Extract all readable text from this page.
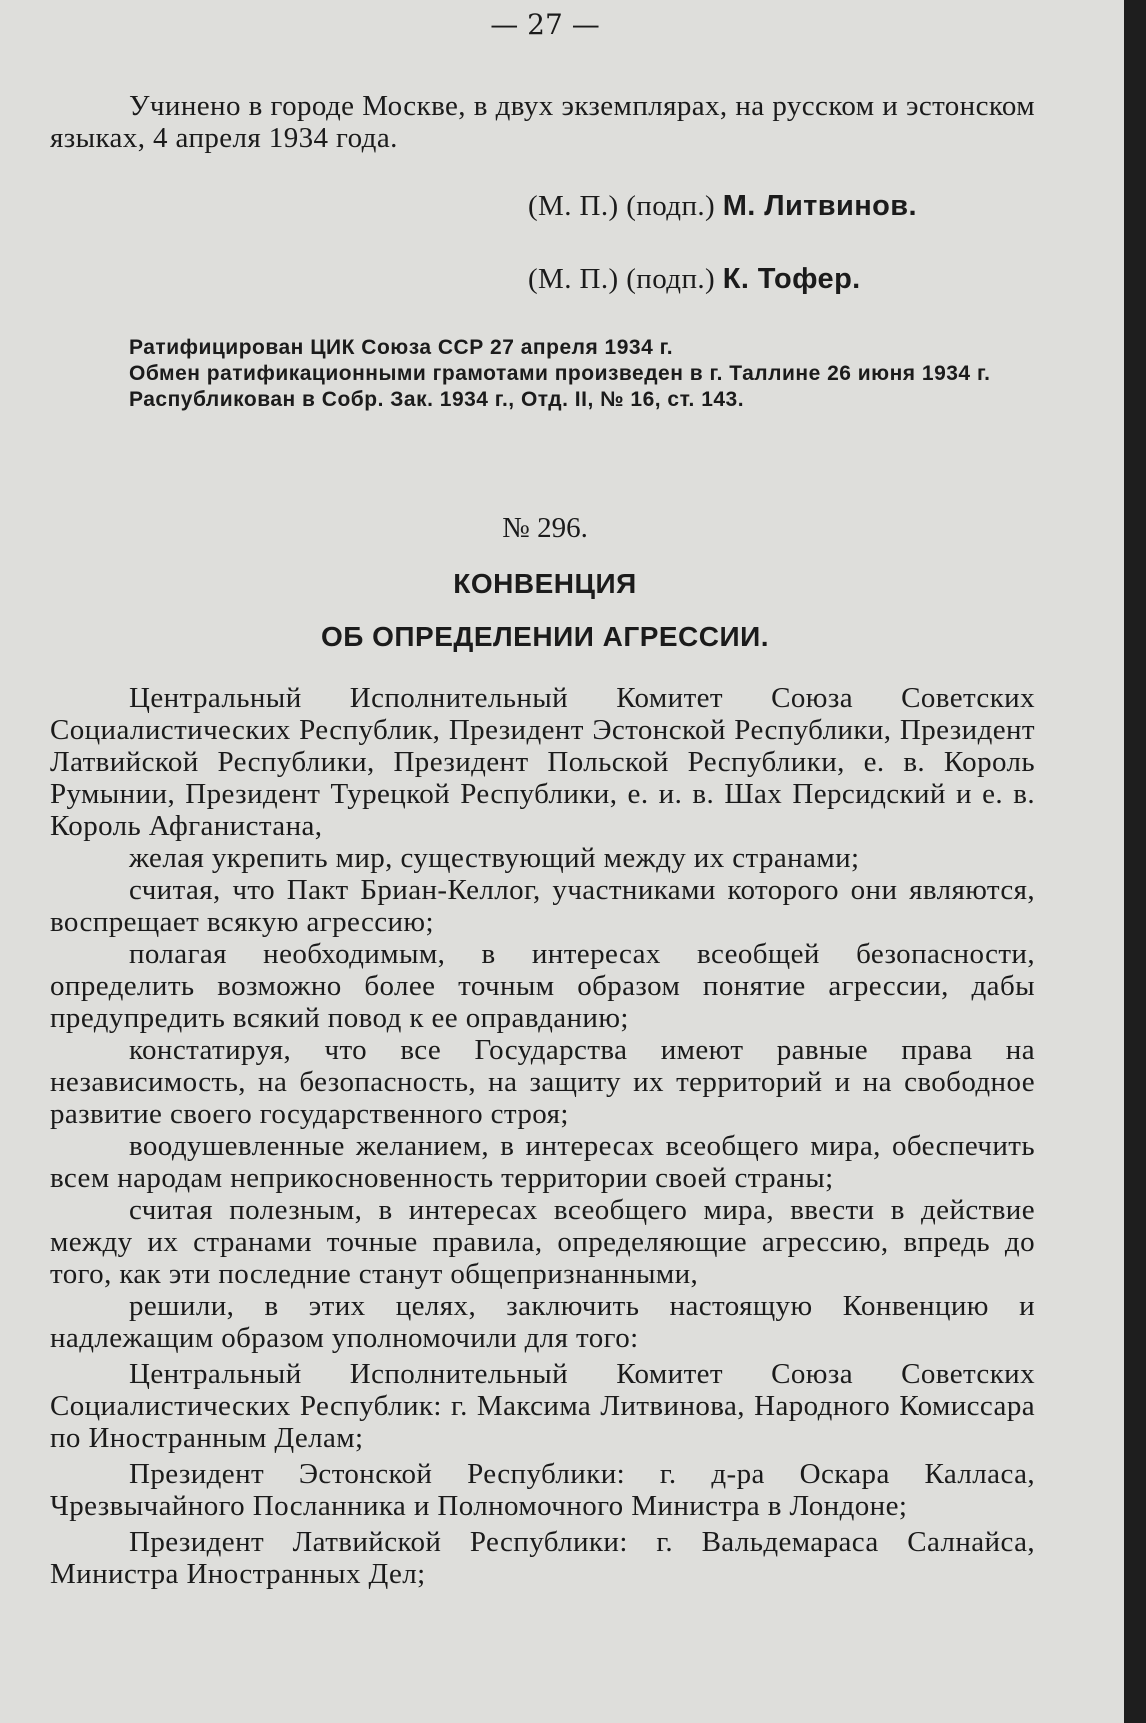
— 27 —

Учинено в городе Москве, в двух экземплярах, на русском и эстонском языках, 4 апреля 1934 года.

(М. П.) (подп.) М. Литвинов.
(М. П.) (подп.) К. Тофер.

Ратифицирован ЦИК Союза ССР 27 апреля 1934 г.

Обмен ратификационными грамотами произведен в г. Таллине 26 июня 1934 г.

Распубликован в Собр. Зак. 1934 г., Отд. II, № 16, ст. 143.

№ 296.
КОНВЕНЦИЯ
ОБ ОПРЕДЕЛЕНИИ АГРЕССИИ.

Центральный Исполнительный Комитет Союза Советских Социалистических Республик, Президент Эстонской Республики, Президент Латвийской Республики, Президент Польской Республики, е. в. Король Румынии, Президент Турецкой Республики, е. и. в. Шах Персидский и е. в. Король Афганистана,

желая укрепить мир, существующий между их странами;

считая, что Пакт Бриан-Келлог, участниками которого они являются, воспрещает всякую агрессию;

полагая необходимым, в интересах всеобщей безопасности, определить возможно более точным образом понятие агрессии, дабы предупредить всякий повод к ее оправданию;

констатируя, что все Государства имеют равные права на независимость, на безопасность, на защиту их территорий и на свободное развитие своего государственного строя;

воодушевленные желанием, в интересах всеобщего мира, обеспечить всем народам неприкосновенность территории своей страны;

считая полезным, в интересах всеобщего мира, ввести в действие между их странами точные правила, определяющие агрессию, впредь до того, как эти последние станут общепризнанными,

решили, в этих целях, заключить настоящую Конвенцию и надлежащим образом уполномочили для того:

Центральный Исполнительный Комитет Союза Советских Социалистических Республик: г. Максима Литвинова, Народного Комиссара по Иностранным Делам;

Президент Эстонской Республики: г. д-ра Оскара Калласа, Чрезвычайного Посланника и Полномочного Министра в Лондоне;

Президент Латвийской Республики: г. Вальдемараса Салнайса, Министра Иностранных Дел;
